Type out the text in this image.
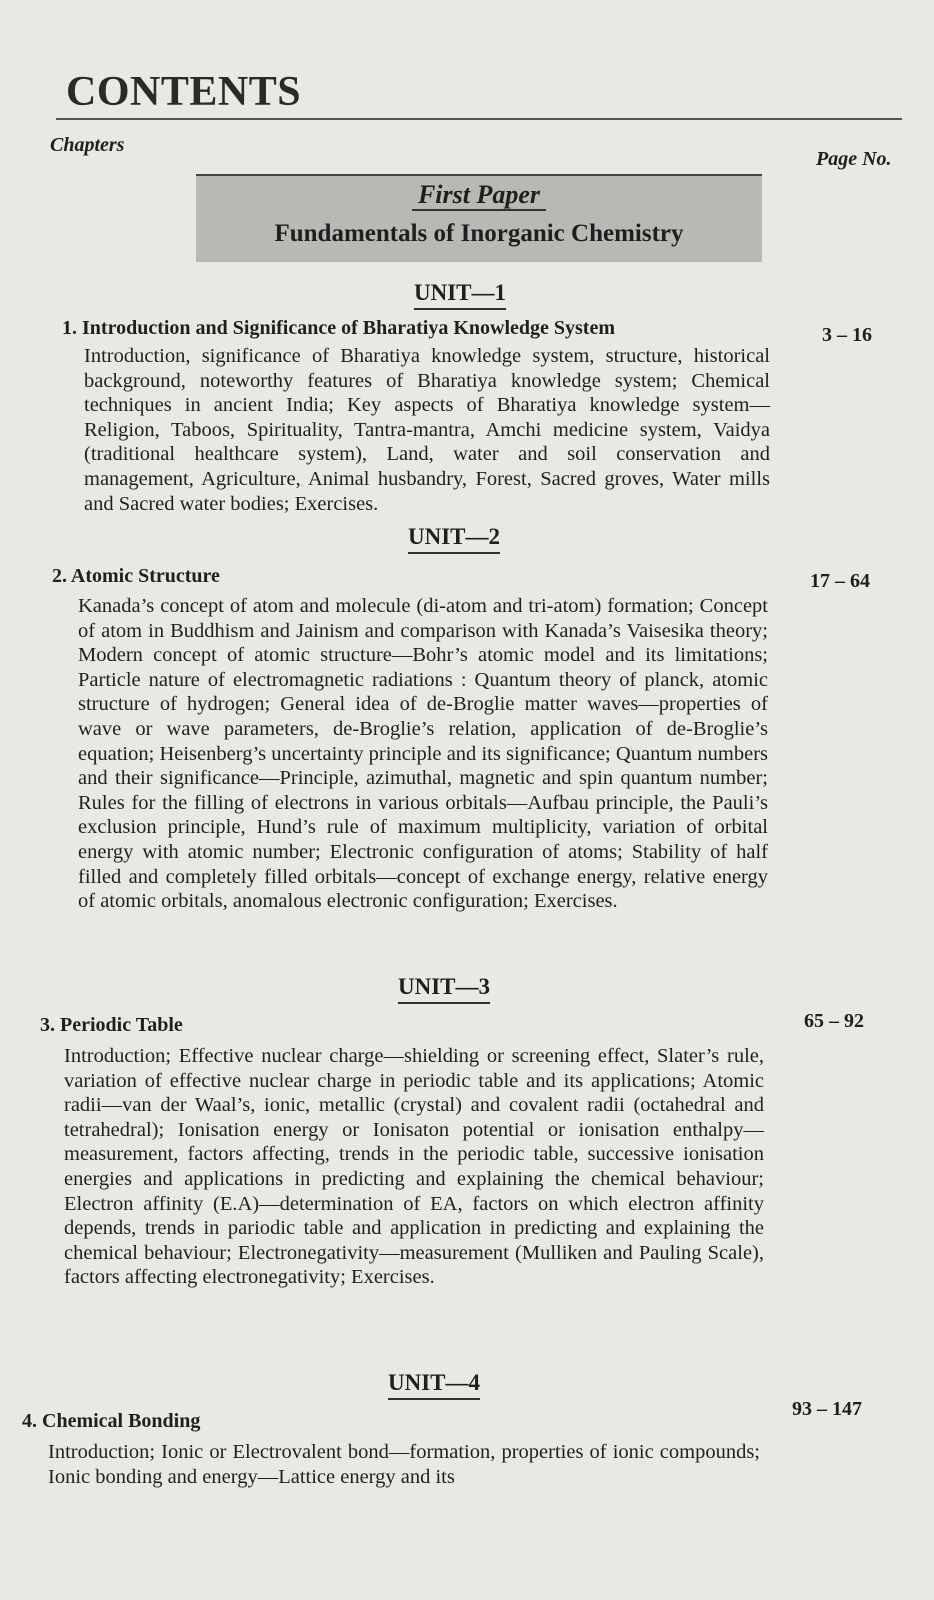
CONTENTS
Chapters
Page No.
First Paper
Fundamentals of Inorganic Chemistry
UNIT—1
1. Introduction and Significance of Bharatiya Knowledge System	3 – 16
Introduction, significance of Bharatiya knowledge system, structure, historical background, noteworthy features of Bharatiya knowledge system; Chemical techniques in ancient India; Key aspects of Bharatiya knowledge system—Religion, Taboos, Spirituality, Tantra-mantra, Amchi medicine system, Vaidya (traditional healthcare system), Land, water and soil conservation and management, Agriculture, Animal husbandry, Forest, Sacred groves, Water mills and Sacred water bodies; Exercises.
UNIT—2
2. Atomic Structure	17 – 64
Kanada’s concept of atom and molecule (di-atom and tri-atom) formation; Concept of atom in Buddhism and Jainism and comparison with Kanada’s Vaisesika theory; Modern concept of atomic structure—Bohr’s atomic model and its limitations; Particle nature of electromagnetic radiations : Quantum theory of planck, atomic structure of hydrogen; General idea of de-Broglie matter waves—properties of wave or wave parameters, de-Broglie’s relation, application of de-Broglie’s equation; Heisenberg’s uncertainty principle and its significance; Quantum numbers and their significance—Principle, azimuthal, magnetic and spin quantum number; Rules for the filling of electrons in various orbitals—Aufbau principle, the Pauli’s exclusion principle, Hund’s rule of maximum multiplicity, variation of orbital energy with atomic number; Electronic configuration of atoms; Stability of half filled and completely filled orbitals—concept of exchange energy, relative energy of atomic orbitals, anomalous electronic configuration; Exercises.
UNIT—3
3. Periodic Table	65 – 92
Introduction; Effective nuclear charge—shielding or screening effect, Slater’s rule, variation of effective nuclear charge in periodic table and its applications; Atomic radii—van der Waal’s, ionic, metallic (crystal) and covalent radii (octahedral and tetrahedral); Ionisation energy or Ionisaton potential or ionisation enthalpy—measurement, factors affecting, trends in the periodic table, successive ionisation energies and applications in predicting and explaining the chemical behaviour; Electron affinity (E.A)—determination of EA, factors on which electron affinity depends, trends in pariodic table and application in predicting and explaining the chemical behaviour; Electronegativity—measurement (Mulliken and Pauling Scale), factors affecting electronegativity; Exercises.
UNIT—4
4. Chemical Bonding
93 – 147
Introduction; Ionic or Electrovalent bond—formation, properties of ionic compounds; Ionic bonding and energy—Lattice energy and its
